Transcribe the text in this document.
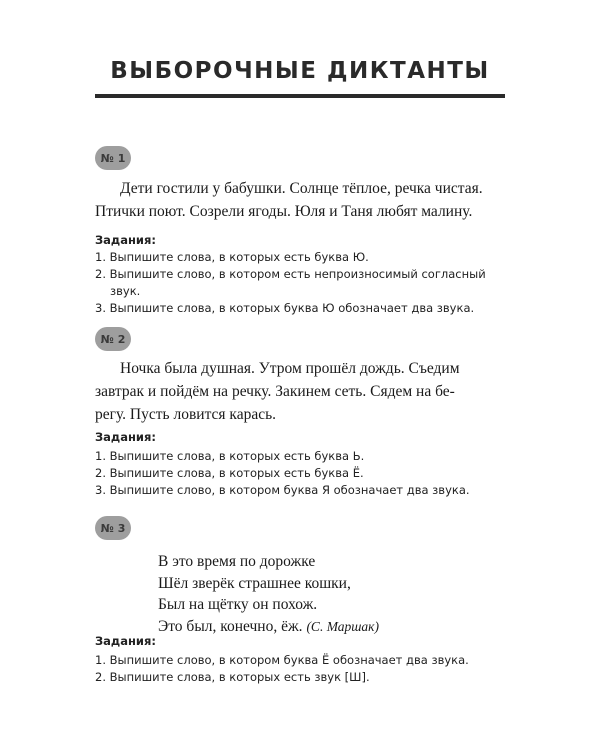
ВЫБОРОЧНЫЕ ДИКТАНТЫ
№ 1
Дети гостили у бабушки. Солнце тёплое, речка чистая.
Птички поют. Созрели ягоды. Юля и Таня любят малину.
Задания:
1. Выпишите слова, в которых есть буква Ю.
2. Выпишите слово, в котором есть непроизносимый согласный
звук.
3. Выпишите слова, в которых буква Ю обозначает два звука.
№ 2
Ночка была душная. Утром прошёл дождь. Съедим
завтрак и пойдём на речку. Закинем сеть. Сядем на бе-
регу. Пусть ловится карась.
Задания:
1. Выпишите слова, в которых есть буква Ь.
2. Выпишите слова, в которых есть буква Ё.
3. Выпишите слово, в котором буква Я обозначает два звука.
№ 3
В это время по дорожке
Шёл зверёк страшнее кошки,
Был на щётку он похож.
Это был, конечно, ёж. (С. Маршак)
Задания:
1. Выпишите слово, в котором буква Ё обозначает два звука.
2. Выпишите слова, в которых есть звук [Ш].
